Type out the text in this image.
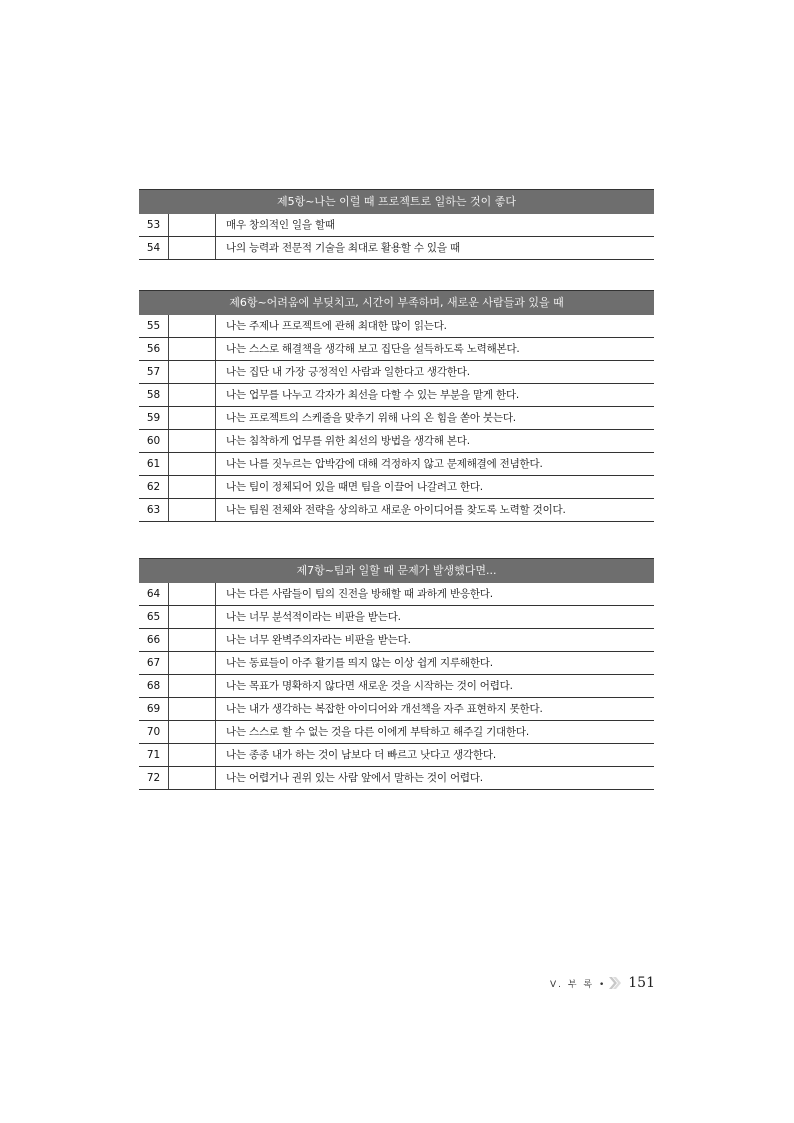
제5항~나는 이럴 때 프로젝트로 일하는 것이 좋다
53		매우 창의적인 일을 할때
54		나의 능력과 전문적 기술을 최대로 활용할 수 있을 때
제6항~어려움에 부딪치고, 시간이 부족하며, 새로운 사람들과 있을 때
55		나는 주제나 프로젝트에 관해 최대한 많이 읽는다.
56		나는 스스로 해결책을 생각해 보고 집단을 설득하도록 노력해본다.
57		나는 집단 내 가장 긍정적인 사람과 일한다고 생각한다.
58		나는 업무를 나누고 각자가 최선을 다할 수 있는 부분을 맡게 한다.
59		나는 프로젝트의 스케줄을 맞추기 위해 나의 온 힘을 쏟아 붓는다.
60		나는 침착하게 업무를 위한 최선의 방법을 생각해 본다.
61		나는 나를 짓누르는 압박감에 대해 걱정하지 않고 문제해결에 전념한다.
62		나는 팀이 정체되어 있을 때면 팀을 이끌어 나갈려고 한다.
63		나는 팀원 전체와 전략을 상의하고 새로운 아이디어를 찾도록 노력할 것이다.
제7항~팀과 일할 때 문제가 발생했다면...
64		나는 다른 사람들이 팀의 진전을 방해할 때 과하게 반응한다.
65		나는 너무 분석적이라는 비판을 받는다.
66		나는 너무 완벽주의자라는 비판을 받는다.
67		나는 동료들이 아주 활기를 띄지 않는 이상 쉽게 지루해한다.
68		나는 목표가 명확하지 않다면 새로운 것을 시작하는 것이 어렵다.
69		나는 내가 생각하는 복잡한 아이디어와 개선책을 자주 표현하지 못한다.
70		나는 스스로 할 수 없는 것을 다른 이에게 부탁하고 해주길 기대한다.
71		나는 종종 내가 하는 것이 남보다 더 빠르고 낫다고 생각한다.
72		나는 어렵거나 권위 있는 사람 앞에서 말하는 것이 어렵다.
Ⅴ. 부 록 • 151
